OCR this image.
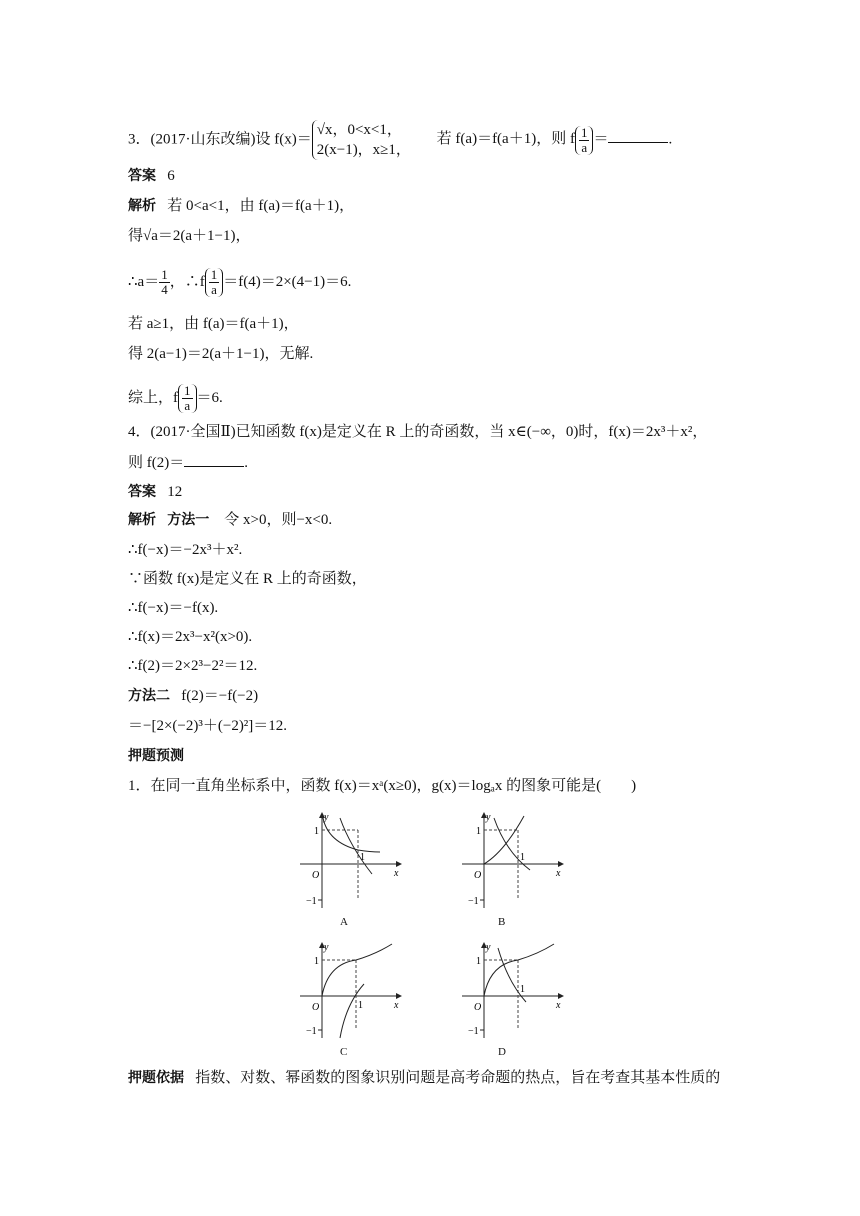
3．(2017·山东改编)设 f(x)＝
√x，0<x<1，
2(x−1)，x≥1，
若 f(a)＝f(a＋1)，则 f $\frac{1}{a}$ ＝	.
答案 6
解析 若 0<a<1，由 f(a)＝f(a＋1)，
得√a＝2(a＋1−1)，
∴a＝ $\frac{1}{4}$ ，∴f $\frac{1}{a} =f(4)=2\times(4-1)=6$.
若 a≥1，由 f(a)＝f(a＋1)，
得 2(a−1)＝2(a＋1−1)，无解.
综上，f $\frac{1}{a} =6$.
4．(2017·全国Ⅱ)已知函数 f(x)是定义在 R 上的奇函数，当 x∈(−∞，0)时，f(x)＝2x³＋x²，
则 f(2)＝	.
答案 12
解析 方法一 令 x>0，则−x<0.
∴f(−x)＝−2x³＋x².
∵函数 f(x)是定义在 R 上的奇函数，
∴f(−x)＝−f(x).
∴f(x)＝2x³−x²(x>0).
∴f(2)＝2×2³−2²＝12.
方法二 f(2)＝−f(−2)
＝−[2×(−2)³＋(−2)²]＝12.
押题预测
1．在同一直角坐标系中，函数 f(x)＝xᵃ(x≥0)，g(x)＝logₐx 的图象可能是(　　)
y
x
O
1
1
−1
A
y
x
O
1
1
−1
B
y
x
O
1
1
−1
C
y
x
O
1
1
−1
D
押题依据 指数、对数、幂函数的图象识别问题是高考命题的热点，旨在考查其基本性质的
